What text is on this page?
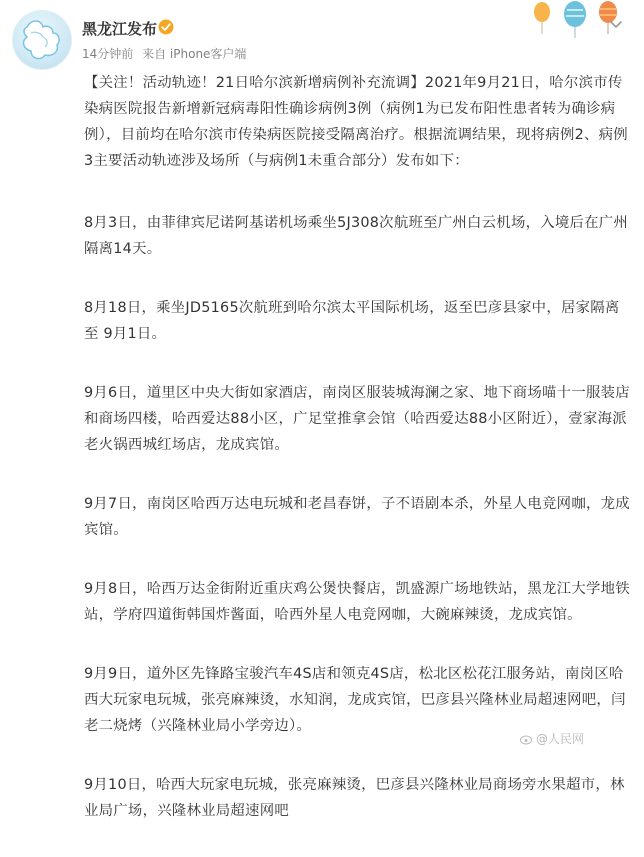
黑龙江发布
14分钟前 来自 iPhone客户端

【关注！活动轨迹！21日哈尔滨新增病例补充流调】2021年9月21日，哈尔滨市传染病医院报告新增新冠病毒阳性确诊病例3例（病例1为已发布阳性患者转为确诊病例），目前均在哈尔滨市传染病医院接受隔离治疗。根据流调结果，现将病例2、病例3主要活动轨迹涉及场所（与病例1未重合部分）发布如下：

8月3日，由菲律宾尼诺阿基诺机场乘坐5J308次航班至广州白云机场，入境后在广州隔离14天。

8月18日，乘坐JD5165次航班到哈尔滨太平国际机场，返至巴彦县家中，居家隔离至 9月1日。

9月6日，道里区中央大街如家酒店，南岗区服装城海澜之家、地下商场喵十一服装店和商场四楼，哈西爱达88小区，广足堂推拿会馆（哈西爱达88小区附近），壹家海派老火锅西城红场店，龙成宾馆。

9月7日，南岗区哈西万达电玩城和老昌春饼，子不语剧本杀，外星人电竞网咖，龙成宾馆。

9月8日，哈西万达金街附近重庆鸡公煲快餐店，凯盛源广场地铁站，黑龙江大学地铁站，学府四道街韩国炸酱面，哈西外星人电竞网咖，大碗麻辣烫，龙成宾馆。

9月9日，道外区先锋路宝骏汽车4S店和领克4S店，松北区松花江服务站，南岗区哈西大玩家电玩城，张亮麻辣烫，水知润，龙成宾馆，巴彦县兴隆林业局超速网吧，闫老二烧烤（兴隆林业局小学旁边）。

9月10日，哈西大玩家电玩城，张亮麻辣烫，巴彦县兴隆林业局商场旁水果超市，林业局广场，兴隆林业局超速网吧

@人民网
